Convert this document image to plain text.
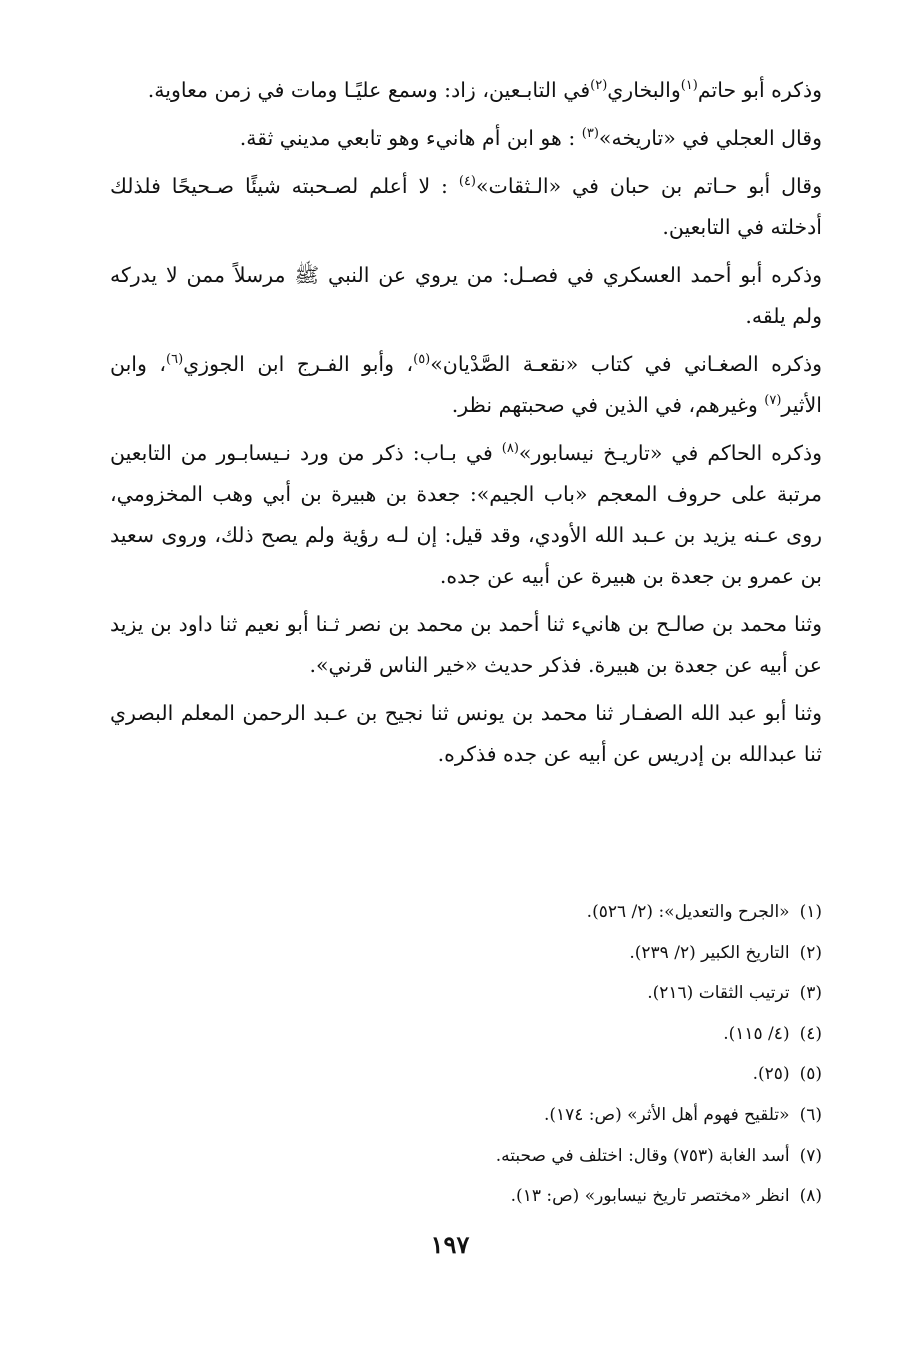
وذكره أبو حاتم$^{(١)}$والبخاري$^{(٢)}$في التابـعين، زاد: وسمع عليًـا ومات في زمن معاوية.

وقال العجلي في «تاريخه»$^{(٣)}$ : هو ابن أم هانيء وهو تابعي مديني ثقة.

وقال أبو حـاتم بن حبان في «الـثقات»$^{(٤)}$ : لا أعلم لصـحبته شيئًا صـحيحًا فلذلك أدخلته في التابعين.

وذكره أبو أحمد العسكري في فصـل: من يروي عن النبي ﷺ مرسلاً ممن لا يدركه ولم يلقه.

وذكره الصغـاني في كتاب «نقعـة الصَّدْيان»$^{(٥)}$، وأبو الفـرج ابن الجوزي$^{(٦)}$، وابن الأثير$^{(٧)}$ وغيرهم، في الذين في صحبتهم نظر.

وذكره الحاكم في «تاريـخ نيسابور»$^{(٨)}$ في بـاب: ذكر من ورد نـيسابـور من التابعين مرتبة على حروف المعجم «باب الجيم»: جعدة بن هبيرة بن أبي وهب المخزومي، روى عـنه يزيد بن عـبد الله الأودي، وقد قيل: إن لـه رؤية ولم يصح ذلك، وروى سعيد بن عمرو بن جعدة بن هبيرة عن أبيه عن جده.

وثنا محمد بن صالـح بن هانيء ثنا أحمد بن محمد بن نصر ثـنا أبو نعيم ثنا داود بن يزيد عن أبيه عن جعدة بن هبيرة. فذكر حديث «خير الناس قرني».

وثنا أبو عبد الله الصفـار ثنا محمد بن يونس ثنا نجيح بن عـبد الرحمن المعلم البصري ثنا عبدالله بن إدريس عن أبيه عن جده فذكره.

(١)«الجرح والتعديل»: (٢/ ٥٢٦).
(٢)التاريخ الكبير (٢/ ٢٣٩).
(٣)ترتيب الثقات (٢١٦).
(٤)(٤/ ١١٥).
(٥)(٢٥).
(٦)«تلقيح فهوم أهل الأثر» (ص: ١٧٤).
(٧)أسد الغابة (٧٥٣) وقال: اختلف في صحبته.
(٨)انظر «مختصر تاريخ نيسابور» (ص: ١٣).
١٩٧
